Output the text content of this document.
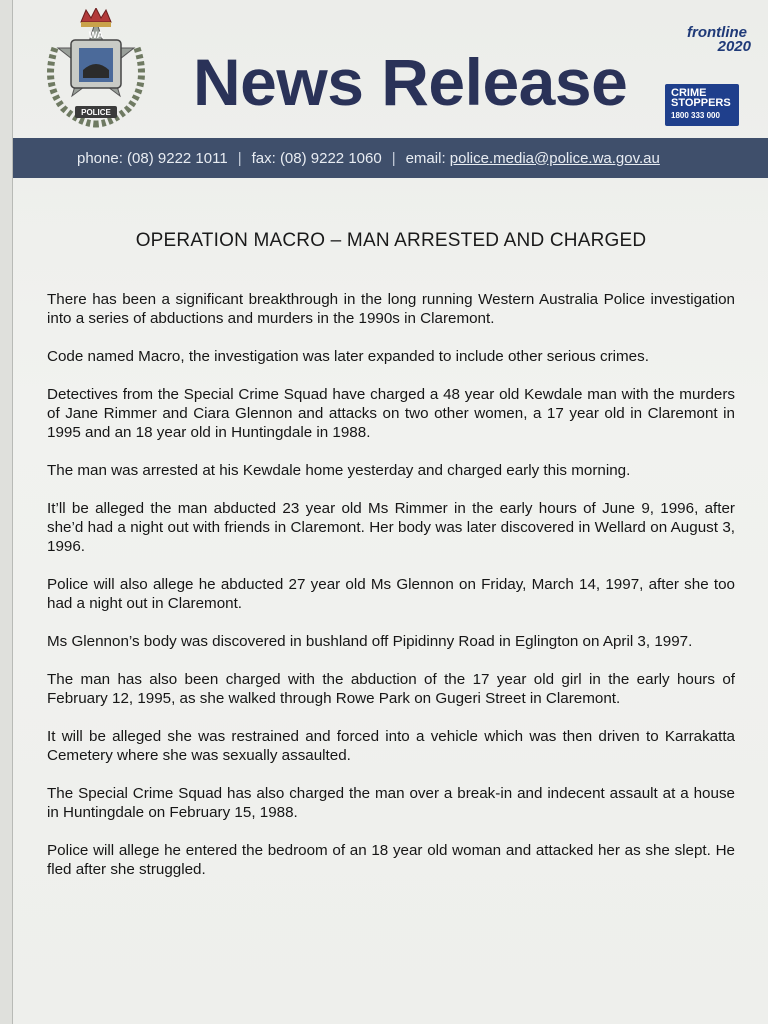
POLICE
WA
News Release
frontline
2020
CRIME
STOPPERS
1800 333 000
phone: (08) 9222 1011 | fax: (08) 9222 1060 | email:
police.media@police.wa.gov.au
OPERATION MACRO – MAN ARRESTED AND CHARGED

There has been a significant breakthrough in the long running Western Australia Police investigation into a series of abductions and murders in the 1990s in Claremont.

Code named Macro, the investigation was later expanded to include other serious crimes.

Detectives from the Special Crime Squad have charged a 48 year old Kewdale man with the murders of Jane Rimmer and Ciara Glennon and attacks on two other women, a 17 year old in Claremont in 1995 and an 18 year old in Huntingdale in 1988.

The man was arrested at his Kewdale home yesterday and charged early this morning.

It’ll be alleged the man abducted 23 year old Ms Rimmer in the early hours of June 9, 1996, after she’d had a night out with friends in Claremont. Her body was later discovered in Wellard on August 3, 1996.

Police will also allege he abducted 27 year old Ms Glennon on Friday, March 14, 1997, after she too had a night out in Claremont.

Ms Glennon’s body was discovered in bushland off Pipidinny Road in Eglington on April 3, 1997.

The man has also been charged with the abduction of the 17 year old girl in the early hours of February 12, 1995, as she walked through Rowe Park on Gugeri Street in Claremont.

It will be alleged she was restrained and forced into a vehicle which was then driven to Karrakatta Cemetery where she was sexually assaulted.

The Special Crime Squad has also charged the man over a break-in and indecent assault at a house in Huntingdale on February 15, 1988.

Police will allege he entered the bedroom of an 18 year old woman and attacked her as she slept. He fled after she struggled.
